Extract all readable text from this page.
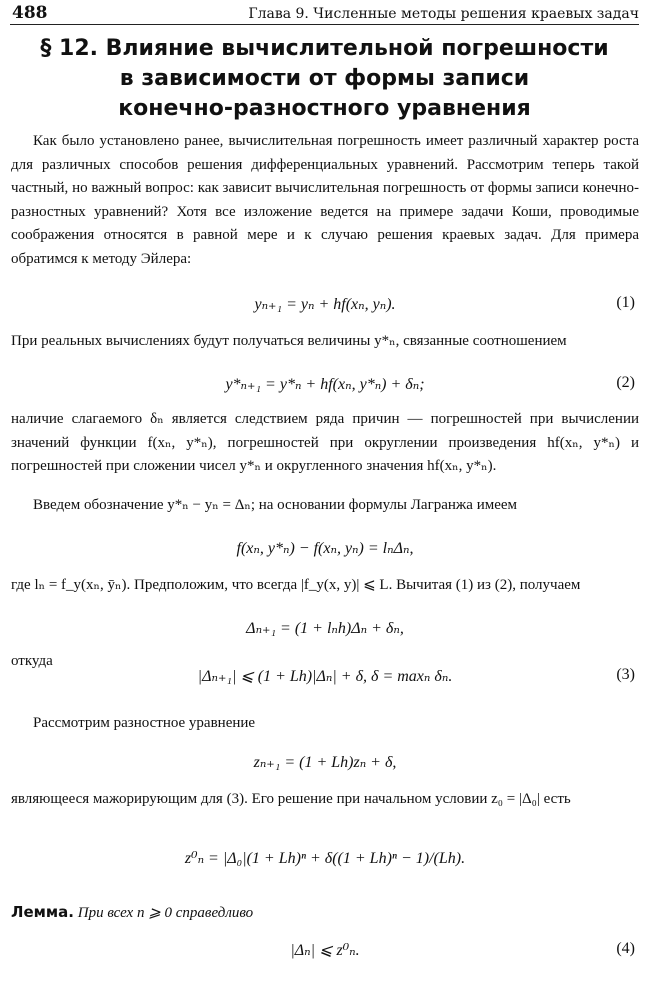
488	Глава 9. Численные методы решения краевых задач
§ 12. Влияние вычислительной погрешности
в зависимости от формы записи
конечно-разностного уравнения
Как было установлено ранее, вычислительная погрешность имеет различный характер роста для различных способов решения дифференциальных уравнений. Рассмотрим теперь такой частный, но важный вопрос: как зависит вычислительная погрешность от формы записи конечно-разностных уравнений? Хотя все изложение ведется на примере задачи Коши, проводимые соображения относятся в равной мере и к случаю решения краевых задач. Для примера обратимся к методу Эйлера:
yₙ₊₁ = yₙ + hf(xₙ, yₙ).	(1)
При реальных вычислениях будут получаться величины y*ₙ, связанные соотношением
y*ₙ₊₁ = y*ₙ + hf(xₙ, y*ₙ) + δₙ;	(2)
наличие слагаемого δₙ является следствием ряда причин — погрешностей при вычислении значений функции f(xₙ, y*ₙ), погрешностей при округлении произведения hf(xₙ, y*ₙ) и погрешностей при сложении чисел y*ₙ и округленного значения hf(xₙ, y*ₙ).
Введем обозначение y*ₙ − yₙ = Δₙ; на основании формулы Лагранжа имеем
f(xₙ, y*ₙ) − f(xₙ, yₙ) = lₙΔₙ,
где lₙ = f_y(xₙ, ȳₙ). Предположим, что всегда |f_y(x, y)| ⩽ L. Вычитая (1) из (2), получаем
Δₙ₊₁ = (1 + lₙh)Δₙ + δₙ,
откуда
|Δₙ₊₁| ⩽ (1 + Lh)|Δₙ| + δ, δ = maxₙ δₙ.	(3)
Рассмотрим разностное уравнение
zₙ₊₁ = (1 + Lh)zₙ + δ,
являющееся мажорирующим для (3). Его решение при начальном условии z₀ = |Δ₀| есть
z⁰ₙ = |Δ₀|(1 + Lh)ⁿ + δ((1 + Lh)ⁿ − 1)/(Lh).
Лемма. При всех n ⩾ 0 справедливо
|Δₙ| ⩽ z⁰ₙ.	(4)
